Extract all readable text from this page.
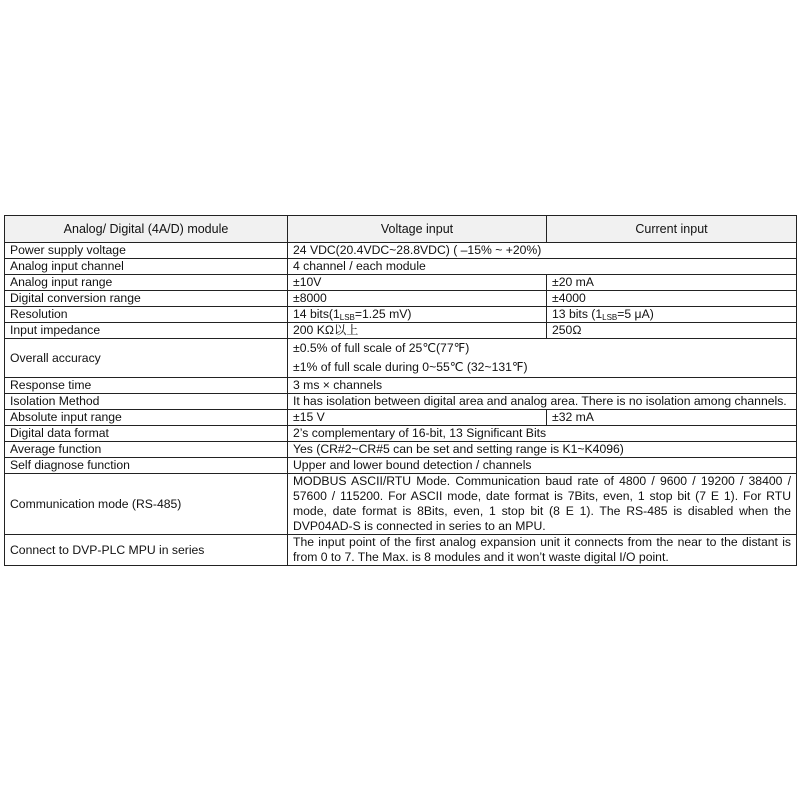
Analog/ Digital (4A/D) module	Voltage input	Current input
Power supply voltage	24 VDC(20.4VDC~28.8VDC) ( –15% ~ +20%)	
Analog input channel	4 channel / each module	
Analog input range	±10V	±20 mA
Digital conversion range	±8000	±4000
Resolution	14 $bits(1_{LSB}=1.25$ mV)	13 bits ($1_{LSB}=5$ μA)
Input impedance	200 KΩ以上	250Ω
Overall accuracy	±0.5% of full scale of 25℃(77℉)
±1% of full scale during 0~55℃ (32~131℉)	

Response time	3 ms × channels	
Isolation Method	It has isolation between digital area and analog area. There is no isolation among channels.	
Absolute input range	±15 V	±32 mA
Digital data format	2’s complementary of 16-bit, 13 Significant Bits	
Average function	Yes (CR#2~CR#5 can be set and setting range is K1~K4096)	
Self diagnose function	Upper and lower bound detection / channels	
Communication mode (RS-485)	MODBUS ASCII/RTU Mode. Communication baud rate of 4800 / 9600 / 19200 / 38400 / 57600 / 115200. For ASCII mode, date format is 7Bits, even, 1 stop bit (7 E 1). For RTU mode, date format is 8Bits, even, 1 stop bit (8 E 1). The RS-485 is disabled when the DVP04AD-S is connected in series to an MPU.	
Connect to DVP-PLC MPU in series	The input point of the first analog expansion unit it connects from the near to the distant is from 0 to 7. The Max. is 8 modules and it won’t waste digital I/O point.	
